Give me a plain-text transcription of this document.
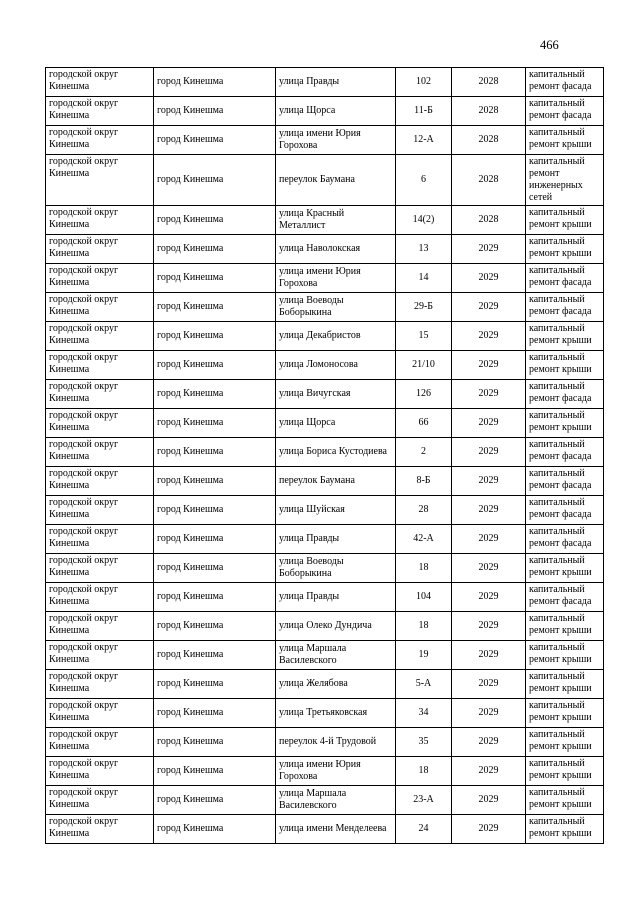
466
городской округ Кинешма	город Кинешма	улица Правды	102	2028	капитальный ремонт фасада
городской округ Кинешма	город Кинешма	улица Щорса	11-Б	2028	капитальный ремонт фасада
городской округ Кинешма	город Кинешма	улица имени Юрия Горохова	12-А	2028	капитальный ремонт крыши
городской округ Кинешма	город Кинешма	переулок Баумана	6	2028	капитальный ремонт инженерных сетей
городской округ Кинешма	город Кинешма	улица Красный Металлист	14(2)	2028	капитальный ремонт крыши
городской округ Кинешма	город Кинешма	улица Наволокская	13	2029	капитальный ремонт крыши
городской округ Кинешма	город Кинешма	улица имени Юрия Горохова	14	2029	капитальный ремонт фасада
городской округ Кинешма	город Кинешма	улица Воеводы Боборыкина	29-Б	2029	капитальный ремонт фасада
городской округ Кинешма	город Кинешма	улица Декабристов	15	2029	капитальный ремонт крыши
городской округ Кинешма	город Кинешма	улица Ломоносова	21/10	2029	капитальный ремонт крыши
городской округ Кинешма	город Кинешма	улица Вичугская	126	2029	капитальный ремонт фасада
городской округ Кинешма	город Кинешма	улица Щорса	66	2029	капитальный ремонт крыши
городской округ Кинешма	город Кинешма	улица Бориса Кустодиева	2	2029	капитальный ремонт фасада
городской округ Кинешма	город Кинешма	переулок Баумана	8-Б	2029	капитальный ремонт фасада
городской округ Кинешма	город Кинешма	улица Шуйская	28	2029	капитальный ремонт фасада
городской округ Кинешма	город Кинешма	улица Правды	42-А	2029	капитальный ремонт фасада
городской округ Кинешма	город Кинешма	улица Воеводы Боборыкина	18	2029	капитальный ремонт крыши
городской округ Кинешма	город Кинешма	улица Правды	104	2029	капитальный ремонт фасада
городской округ Кинешма	город Кинешма	улица Олеко Дундича	18	2029	капитальный ремонт крыши
городской округ Кинешма	город Кинешма	улица Маршала Василевского	19	2029	капитальный ремонт крыши
городской округ Кинешма	город Кинешма	улица Желябова	5-А	2029	капитальный ремонт крыши
городской округ Кинешма	город Кинешма	улица Третьяковская	34	2029	капитальный ремонт крыши
городской округ Кинешма	город Кинешма	переулок 4-й Трудовой	35	2029	капитальный ремонт крыши
городской округ Кинешма	город Кинешма	улица имени Юрия Горохова	18	2029	капитальный ремонт крыши
городской округ Кинешма	город Кинешма	улица Маршала Василевского	23-А	2029	капитальный ремонт крыши
городской округ Кинешма	город Кинешма	улица имени Менделеева	24	2029	капитальный ремонт крыши
